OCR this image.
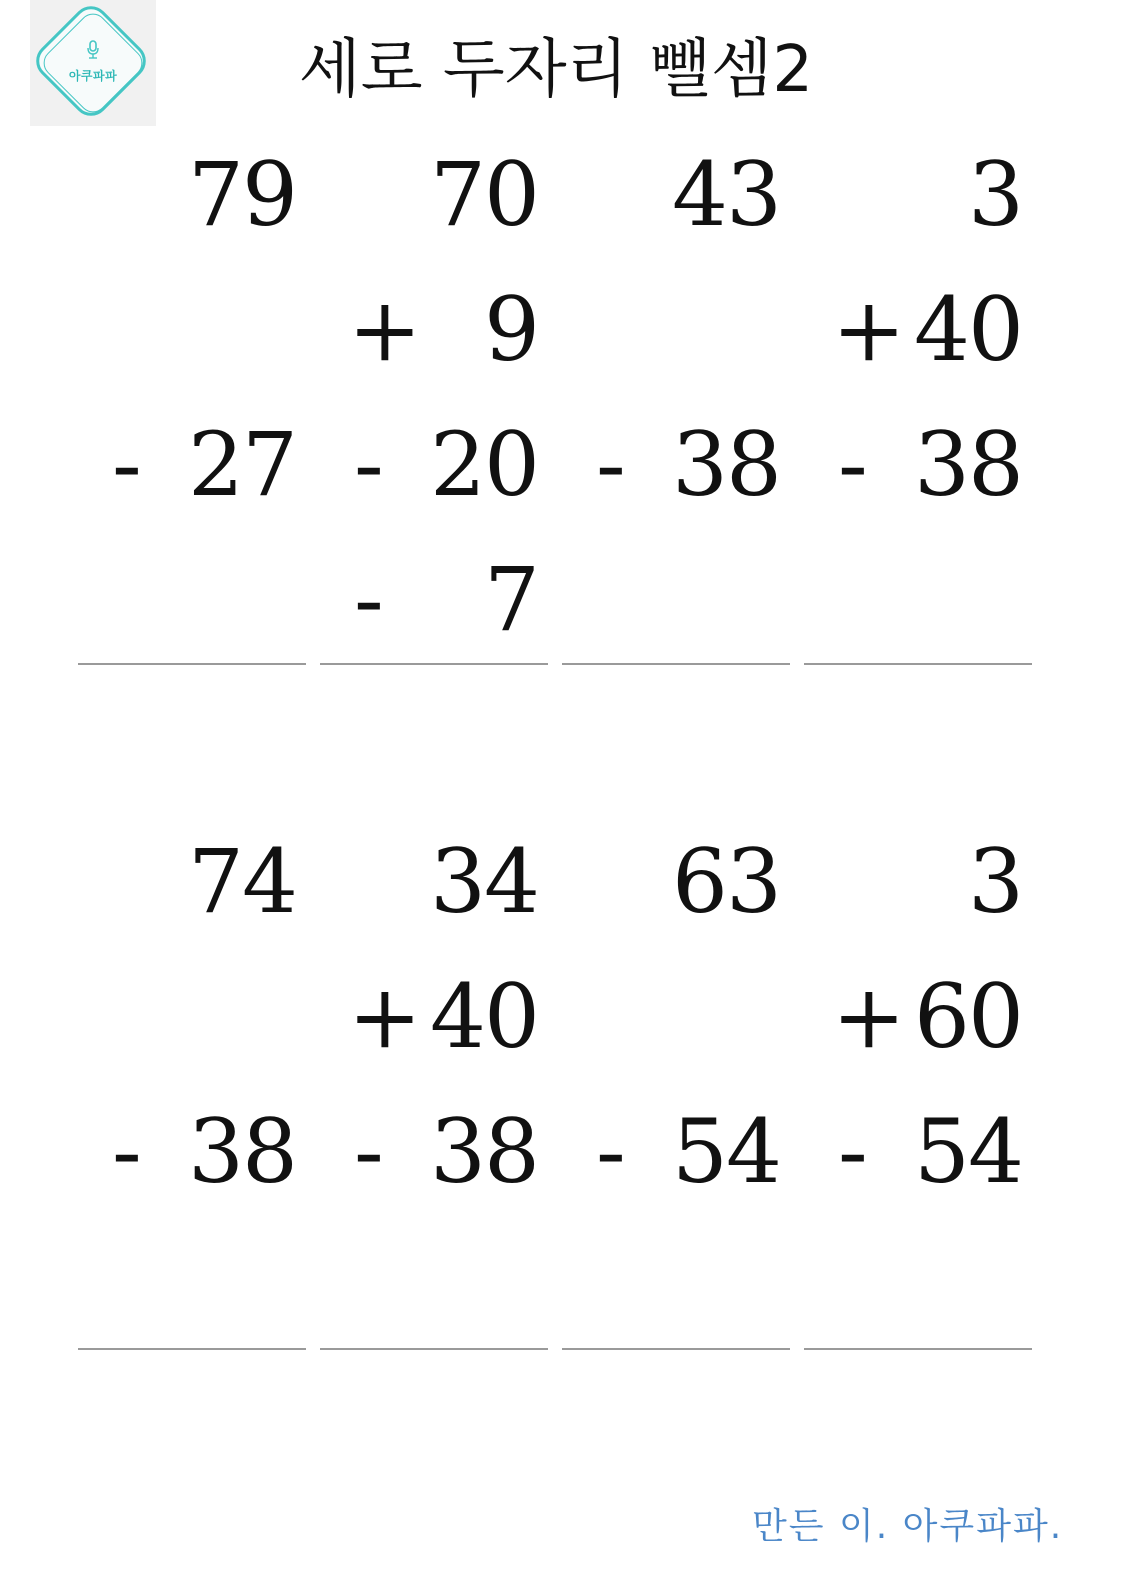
아쿠파파	세로 두자리 뺄셈2
79
- 27
70
+ 9
- 20
- 7
43
- 38
3
+ 40
- 38
74
- 38
34
+ 40
- 38
63
- 54
3
+ 60
- 54
만든 이. 아쿠파파.
